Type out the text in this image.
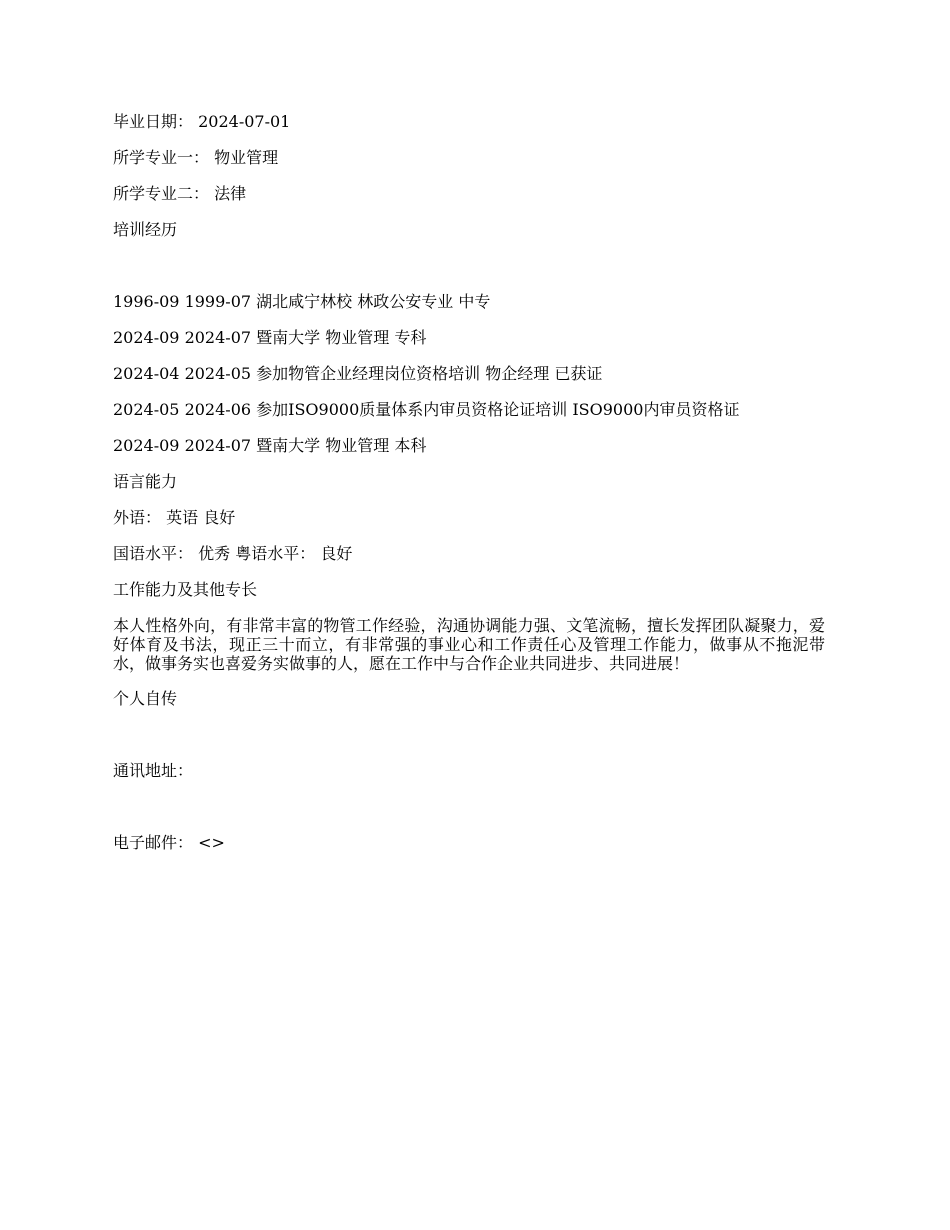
毕业日期： 2024-07-01
所学专业一： 物业管理
所学专业二： 法律
培训经历
1996-09 1999-07 湖北咸宁林校 林政公安专业 中专
2024-09 2024-07 暨南大学 物业管理 专科
2024-04 2024-05 参加物管企业经理岗位资格培训 物企经理 已获证
2024-05 2024-06 参加ISO9000质量体系内审员资格论证培训 ISO9000内审员资格证
2024-09 2024-07 暨南大学 物业管理 本科
语言能力
外语： 英语 良好
国语水平： 优秀 粤语水平： 良好
工作能力及其他专长
本人性格外向，有非常丰富的物管工作经验，沟通协调能力强、文笔流畅，擅长发挥团队凝聚力，爱好体育及书法，现正三十而立，有非常强的事业心和工作责任心及管理工作能力，做事从不拖泥带水，做事务实也喜爱务实做事的人，愿在工作中与合作企业共同进步、共同进展！
个人自传
通讯地址：
电子邮件： <>
